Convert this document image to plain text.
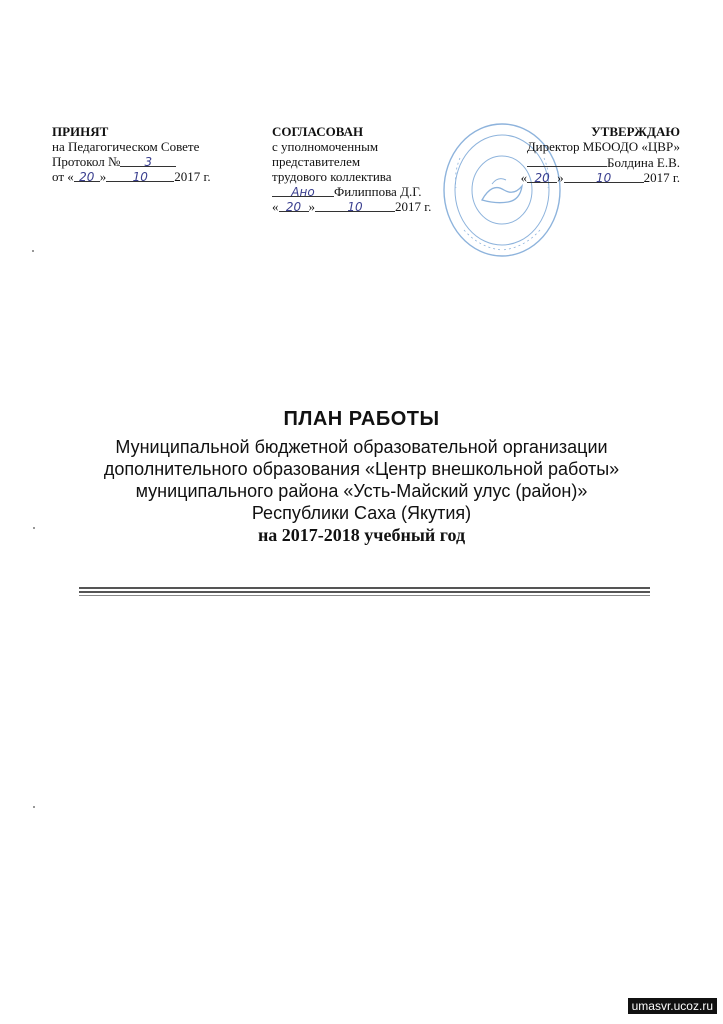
ПРИНЯТ
на Педагогическом Совете
Протокол № 3
от « 20 » 10 2017 г.
СОГЛАСОВАН
с уполномоченным
представителем
трудового коллектива
Ано Филиппова Д.Г.
« 20 »	10 2017 г.
УТВЕРЖДАЮ
Директор МБООДО «ЦВР»
Болдина Е.В.
« 20 »	10 2017 г.
ПЛАН РАБОТЫ
Муниципальной бюджетной образовательной организации
дополнительного образования «Центр внешкольной работы»
муниципального района «Усть-Майский улус (район)»
Республики Саха (Якутия)
на 2017-2018 учебный год
umasvr.ucoz.ru
